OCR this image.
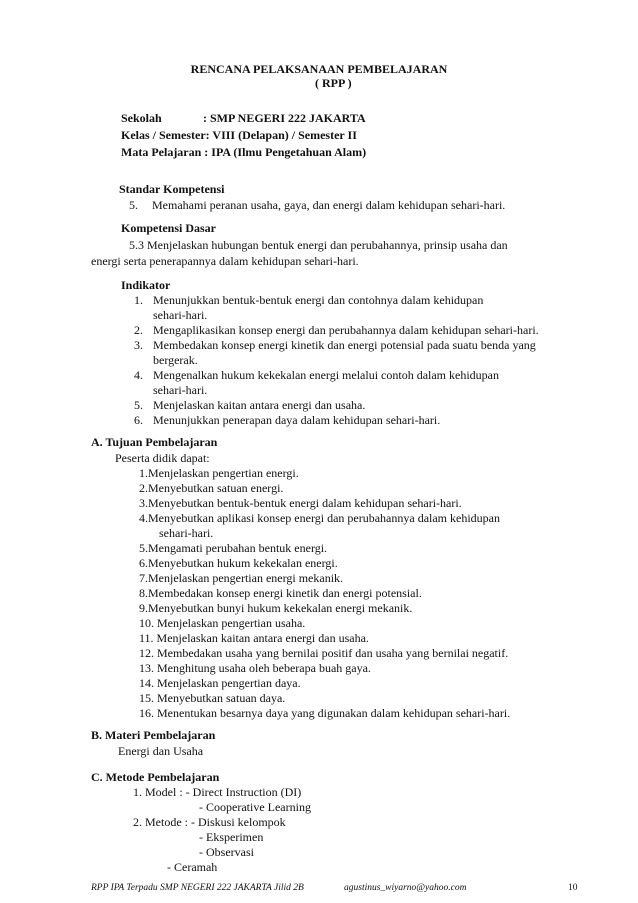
RENCANA PELAKSANAAN PEMBELAJARAN
( RPP )
Sekolah	: SMP NEGERI 222 JAKARTA
Kelas / Semester: VIII (Delapan) / Semester II
Mata Pelajaran : IPA (Ilmu Pengetahuan Alam)
Standar Kompetensi
5. Memahami peranan usaha, gaya, dan energi dalam kehidupan sehari-hari.
Kompetensi Dasar
5.3 Menjelaskan hubungan bentuk energi dan perubahannya, prinsip usaha dan
energi serta penerapannya dalam kehidupan sehari-hari.
Indikator
1. Menunjukkan bentuk-bentuk energi dan contohnya dalam kehidupan
sehari-hari.
2. Mengaplikasikan konsep energi dan perubahannya dalam kehidupan sehari-hari.
3. Membedakan konsep energi kinetik dan energi potensial pada suatu benda yang
bergerak.
4. Mengenalkan hukum kekekalan energi melalui contoh dalam kehidupan
sehari-hari.
5. Menjelaskan kaitan antara energi dan usaha.
6. Menunjukkan penerapan daya dalam kehidupan sehari-hari.
A. Tujuan Pembelajaran
Peserta didik dapat:
1.Menjelaskan pengertian energi.
2.Menyebutkan satuan energi.
3.Menyebutkan bentuk-bentuk energi dalam kehidupan sehari-hari.
4.Menyebutkan aplikasi konsep energi dan perubahannya dalam kehidupan
sehari-hari.
5.Mengamati perubahan bentuk energi.
6.Menyebutkan hukum kekekalan energi.
7.Menjelaskan pengertian energi mekanik.
8.Membedakan konsep energi kinetik dan energi potensial.
9.Menyebutkan bunyi hukum kekekalan energi mekanik.
10. Menjelaskan pengertian usaha.
11. Menjelaskan kaitan antara energi dan usaha.
12. Membedakan usaha yang bernilai positif dan usaha yang bernilai negatif.
13. Menghitung usaha oleh beberapa buah gaya.
14. Menjelaskan pengertian daya.
15. Menyebutkan satuan daya.
16. Menentukan besarnya daya yang digunakan dalam kehidupan sehari-hari.
B. Materi Pembelajaran
Energi dan Usaha
C. Metode Pembelajaran
1. Model : - Direct Instruction (DI)
- Cooperative Learning
2. Metode : - Diskusi kelompok
- Eksperimen
- Observasi
- Ceramah
RPP IPA Terpadu SMP NEGERI 222 JAKARTA Jilid 2B	agustinus_wiyarno@yahoo.com	10
